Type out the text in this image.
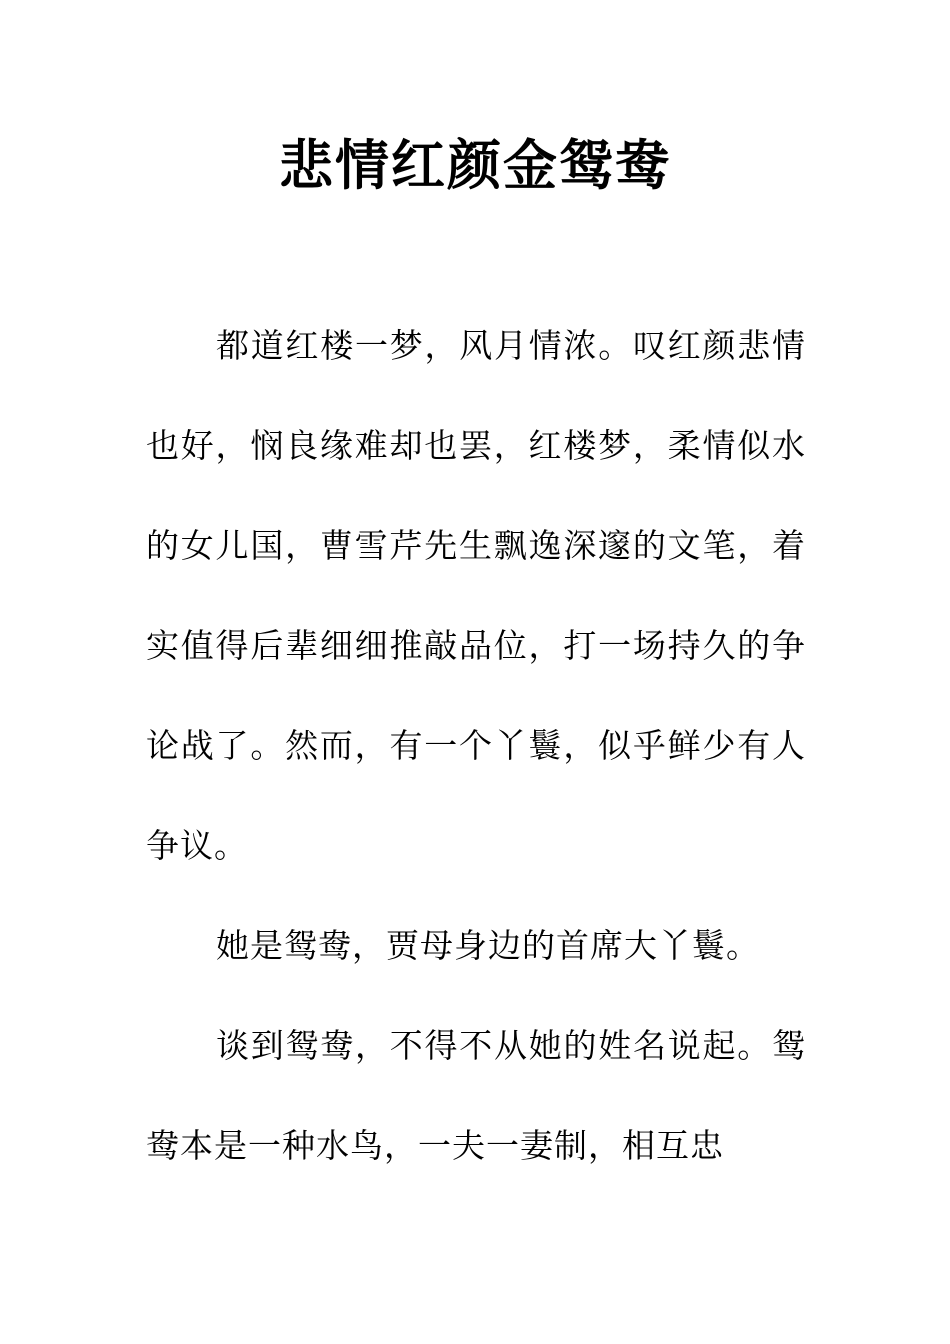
悲情红颜金鸳鸯

都道红楼一梦，风月情浓。叹红颜悲情也好，悯良缘难却也罢，红楼梦，柔情似水的女儿国，曹雪芹先生飘逸深邃的文笔，着实值得后辈细细推敲品位，打一场持久的争论战了。然而，有一个丫鬟，似乎鲜少有人争议。

她是鸳鸯，贾母身边的首席大丫鬟。

谈到鸳鸯，不得不从她的姓名说起。鸳鸯本是一种水鸟，一夫一妻制，相互忠
